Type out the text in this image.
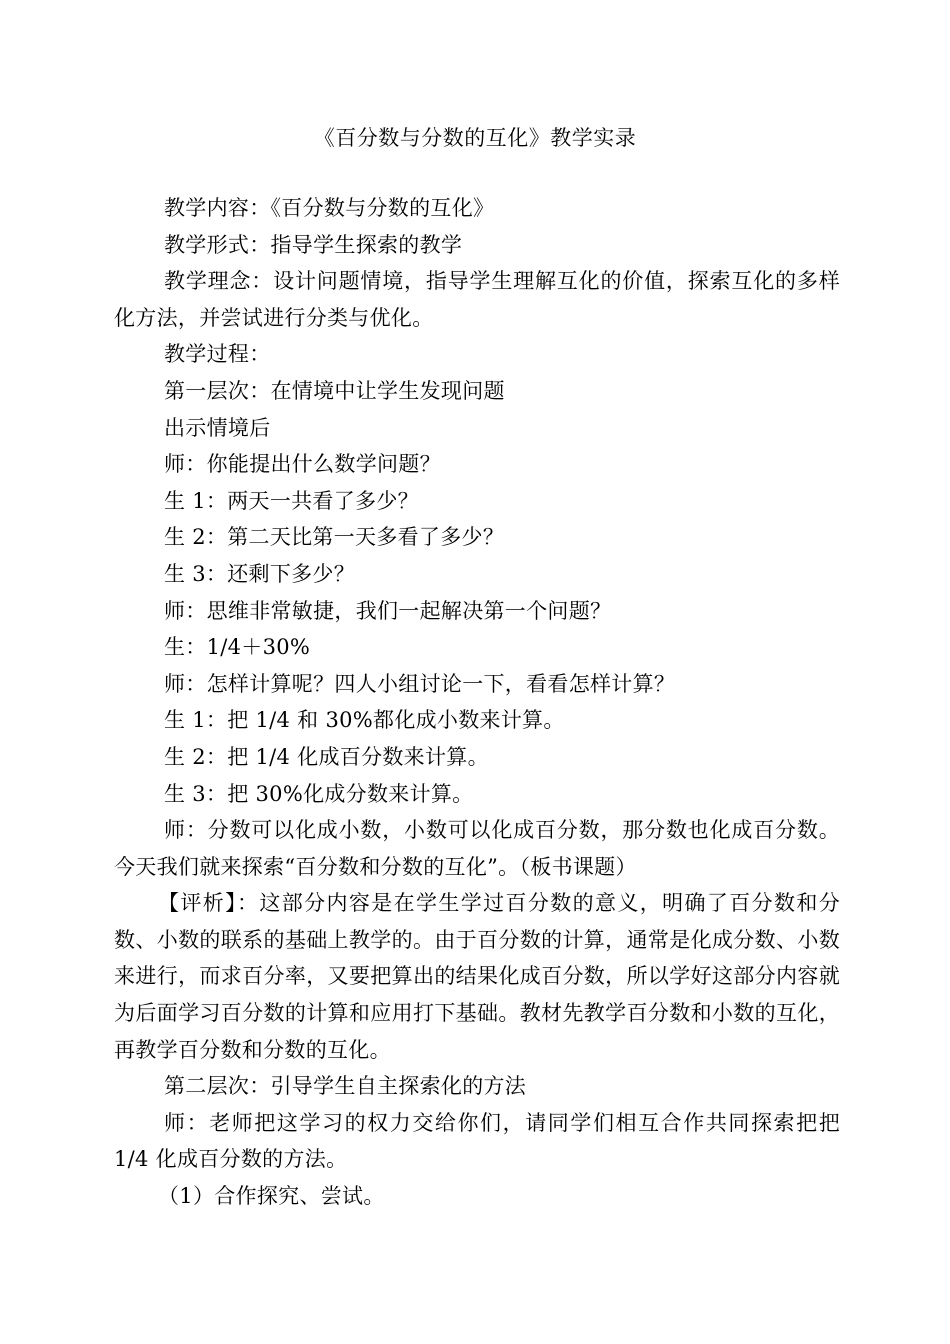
《百分数与分数的互化》教学实录

教学内容：《百分数与分数的互化》

教学形式：指导学生探索的教学

教学理念：设计问题情境，指导学生理解互化的价值，探索互化的多样化方法，并尝试进行分类与优化。

教学过程：

第一层次：在情境中让学生发现问题

出示情境后

师：你能提出什么数学问题？

生 1：两天一共看了多少？

生 2：第二天比第一天多看了多少？

生 3：还剩下多少？

师：思维非常敏捷，我们一起解决第一个问题？

生：1/4＋30%

师：怎样计算呢？四人小组讨论一下，看看怎样计算？

生 1：把 1/4 和 30%都化成小数来计算。

生 2：把 1/4 化成百分数来计算。

生 3：把 30%化成分数来计算。

师：分数可以化成小数，小数可以化成百分数，那分数也化成百分数。今天我们就来探索“百分数和分数的互化”。（板书课题）

【评析】：这部分内容是在学生学过百分数的意义，明确了百分数和分数、小数的联系的基础上教学的。由于百分数的计算，通常是化成分数、小数来进行，而求百分率，又要把算出的结果化成百分数，所以学好这部分内容就为后面学习百分数的计算和应用打下基础。教材先教学百分数和小数的互化，再教学百分数和分数的互化。

第二层次：引导学生自主探索化的方法

师：老师把这学习的权力交给你们，请同学们相互合作共同探索把把 1/4 化成百分数的方法。

（1）合作探究、尝试。
